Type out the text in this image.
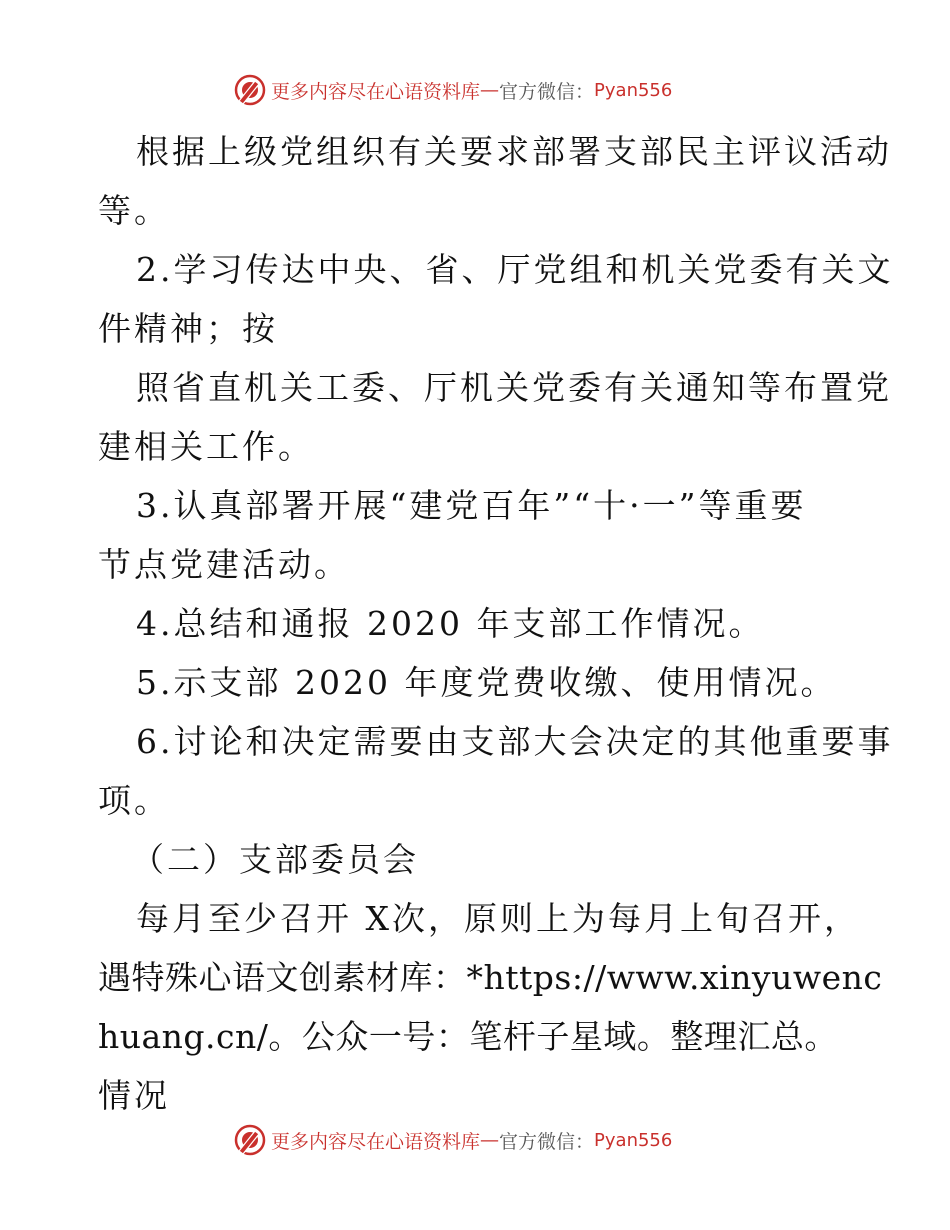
更多内容尽在心语资料库 — 官方微信： Pyan556
根据上级党组织有关要求部署支部民主评议活动
等。
2.学习传达中央、省、厅党组和机关党委有关文
件精神；按
照省直机关工委、厅机关党委有关通知等布置党
建相关工作。
3.认真部署开展“建党百年”“十·一”等重要
节点党建活动。
4.总结和通报 2020 年支部工作情况。
5.示支部 2020 年度党费收缴、使用情况。
6.讨论和决定需要由支部大会决定的其他重要事
项。
（二）支部委员会
每月至少召开 X次，原则上为每月上旬召开，
遇特殊心语文创素材库：*https://www.xinyuwenc
huang.cn/。公众一号：笔杆子星域。整理汇总。
情况
更多内容尽在心语资料库 — 官方微信： Pyan556
